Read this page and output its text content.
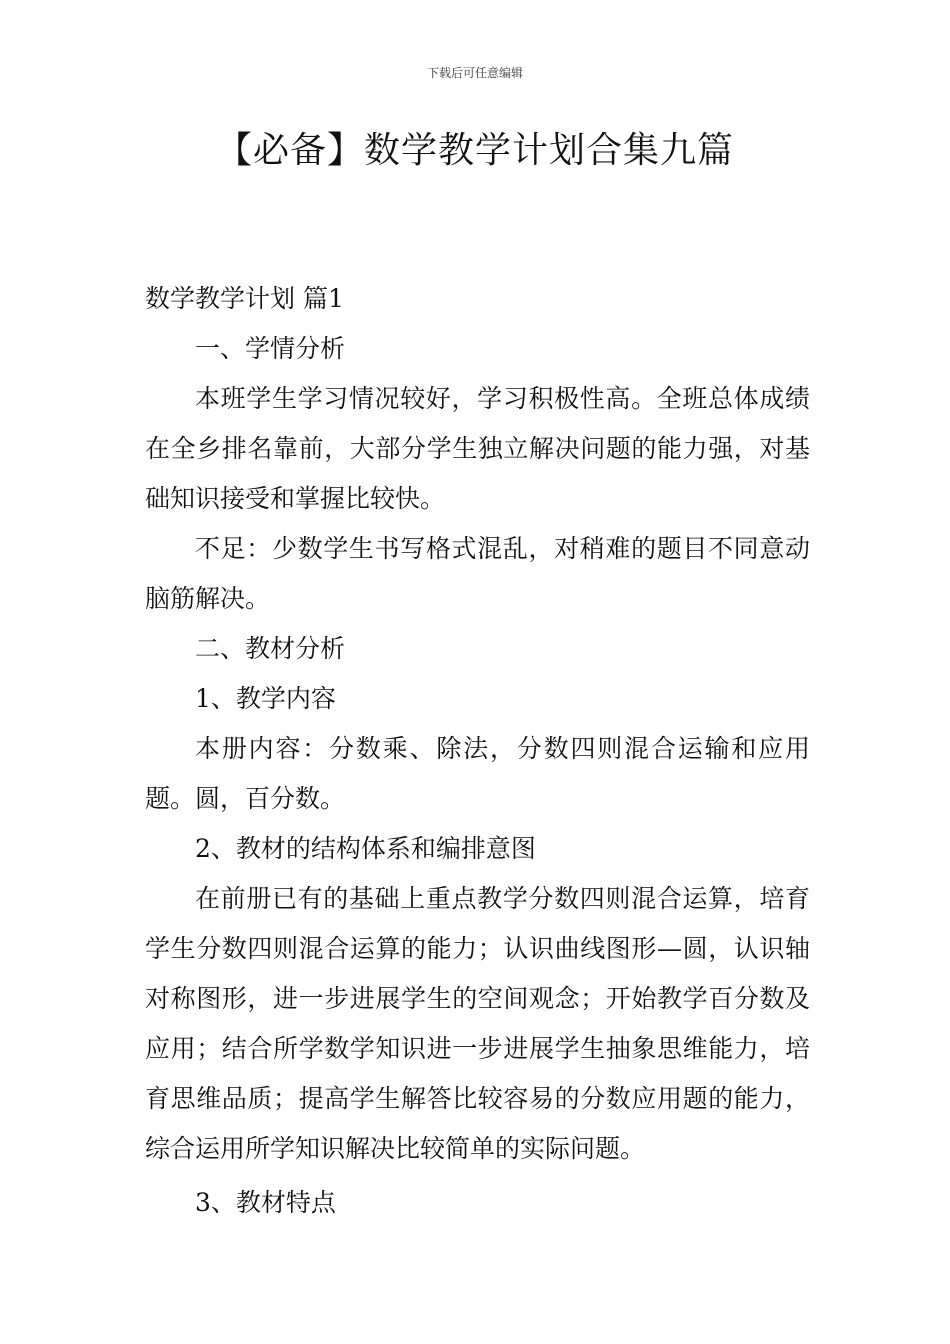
下载后可任意编辑
【必备】数学教学计划合集九篇

数学教学计划 篇1

一、学情分析

本班学生学习情况较好，学习积极性高。全班总体成绩在全乡排名靠前，大部分学生独立解决问题的能力强，对基础知识接受和掌握比较快。

不足：少数学生书写格式混乱，对稍难的题目不同意动脑筋解决。

二、教材分析

1、教学内容

本册内容：分数乘、除法，分数四则混合运输和应用题。圆，百分数。

2、教材的结构体系和编排意图

在前册已有的基础上重点教学分数四则混合运算，培育学生分数四则混合运算的能力；认识曲线图形—圆，认识轴对称图形，进一步进展学生的空间观念；开始教学百分数及应用；结合所学数学知识进一步进展学生抽象思维能力，培育思维品质；提高学生解答比较容易的分数应用题的能力，综合运用所学知识解决比较简单的实际问题。

3、教材特点
